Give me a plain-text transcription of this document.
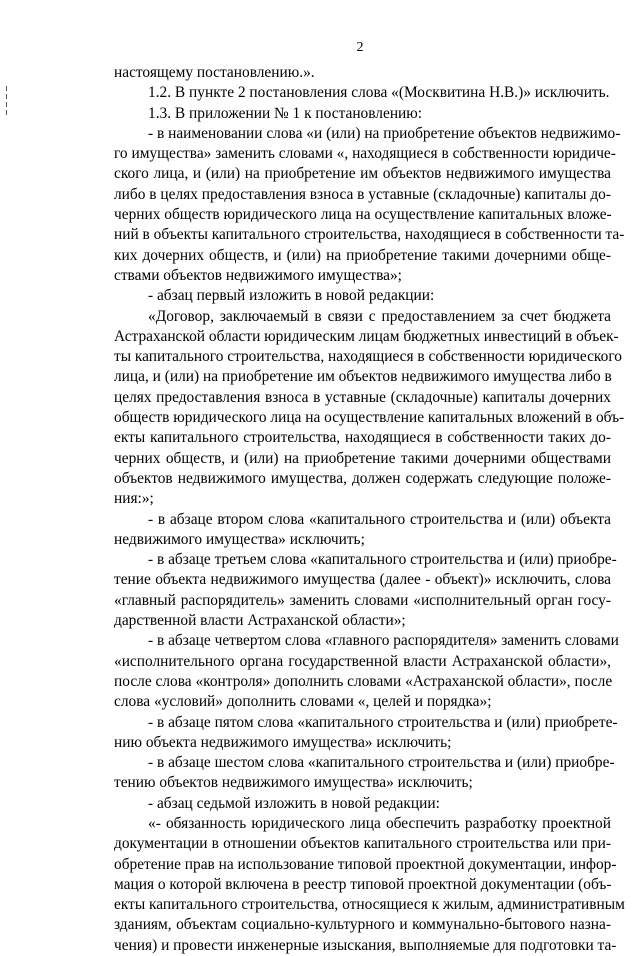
2
настоящему постановлению.».
1.2. В пункте 2 постановления слова «(Москвитина Н.В.)» исключить.
1.3. В приложении № 1 к постановлению:
- в наименовании слова «и (или) на приобретение объектов недвижимо-
го имущества» заменить словами «, находящиеся в собственности юридиче-
ского лица, и (или) на приобретение им объектов недвижимого имущества
либо в целях предоставления взноса в уставные (складочные) капиталы до-
черних обществ юридического лица на осуществление капитальных вложе-
ний в объекты капитального строительства, находящиеся в собственности та-
ких дочерних обществ, и (или) на приобретение такими дочерними обще-
ствами объектов недвижимого имущества»;
- абзац первый изложить в новой редакции:
«Договор, заключаемый в связи с предоставлением за счет бюджета
Астраханской области юридическим лицам бюджетных инвестиций в объек-
ты капитального строительства, находящиеся в собственности юридического
лица, и (или) на приобретение им объектов недвижимого имущества либо в
целях предоставления взноса в уставные (складочные) капиталы дочерних
обществ юридического лица на осуществление капитальных вложений в объ-
екты капитального строительства, находящиеся в собственности таких до-
черних обществ, и (или) на приобретение такими дочерними обществами
объектов недвижимого имущества, должен содержать следующие положе-
ния:»;
- в абзаце втором слова «капитального строительства и (или) объекта
недвижимого имущества» исключить;
- в абзаце третьем слова «капитального строительства и (или) приобре-
тение объекта недвижимого имущества (далее - объект)» исключить, слова
«главный распорядитель» заменить словами «исполнительный орган госу-
дарственной власти Астраханской области»;
- в абзаце четвертом слова «главного распорядителя» заменить словами
«исполнительного органа государственной власти Астраханской области»,
после слова «контроля» дополнить словами «Астраханской области», после
слова «условий» дополнить словами «, целей и порядка»;
- в абзаце пятом слова «капитального строительства и (или) приобрете-
нию объекта недвижимого имущества» исключить;
- в абзаце шестом слова «капитального строительства и (или) приобре-
тению объектов недвижимого имущества» исключить;
- абзац седьмой изложить в новой редакции:
«- обязанность юридического лица обеспечить разработку проектной
документации в отношении объектов капитального строительства или при-
обретение прав на использование типовой проектной документации, инфор-
мация о которой включена в реестр типовой проектной документации (объ-
екты капитального строительства, относящиеся к жилым, административным
зданиям, объектам социально-культурного и коммунально-бытового назна-
чения) и провести инженерные изыскания, выполняемые для подготовки та-
